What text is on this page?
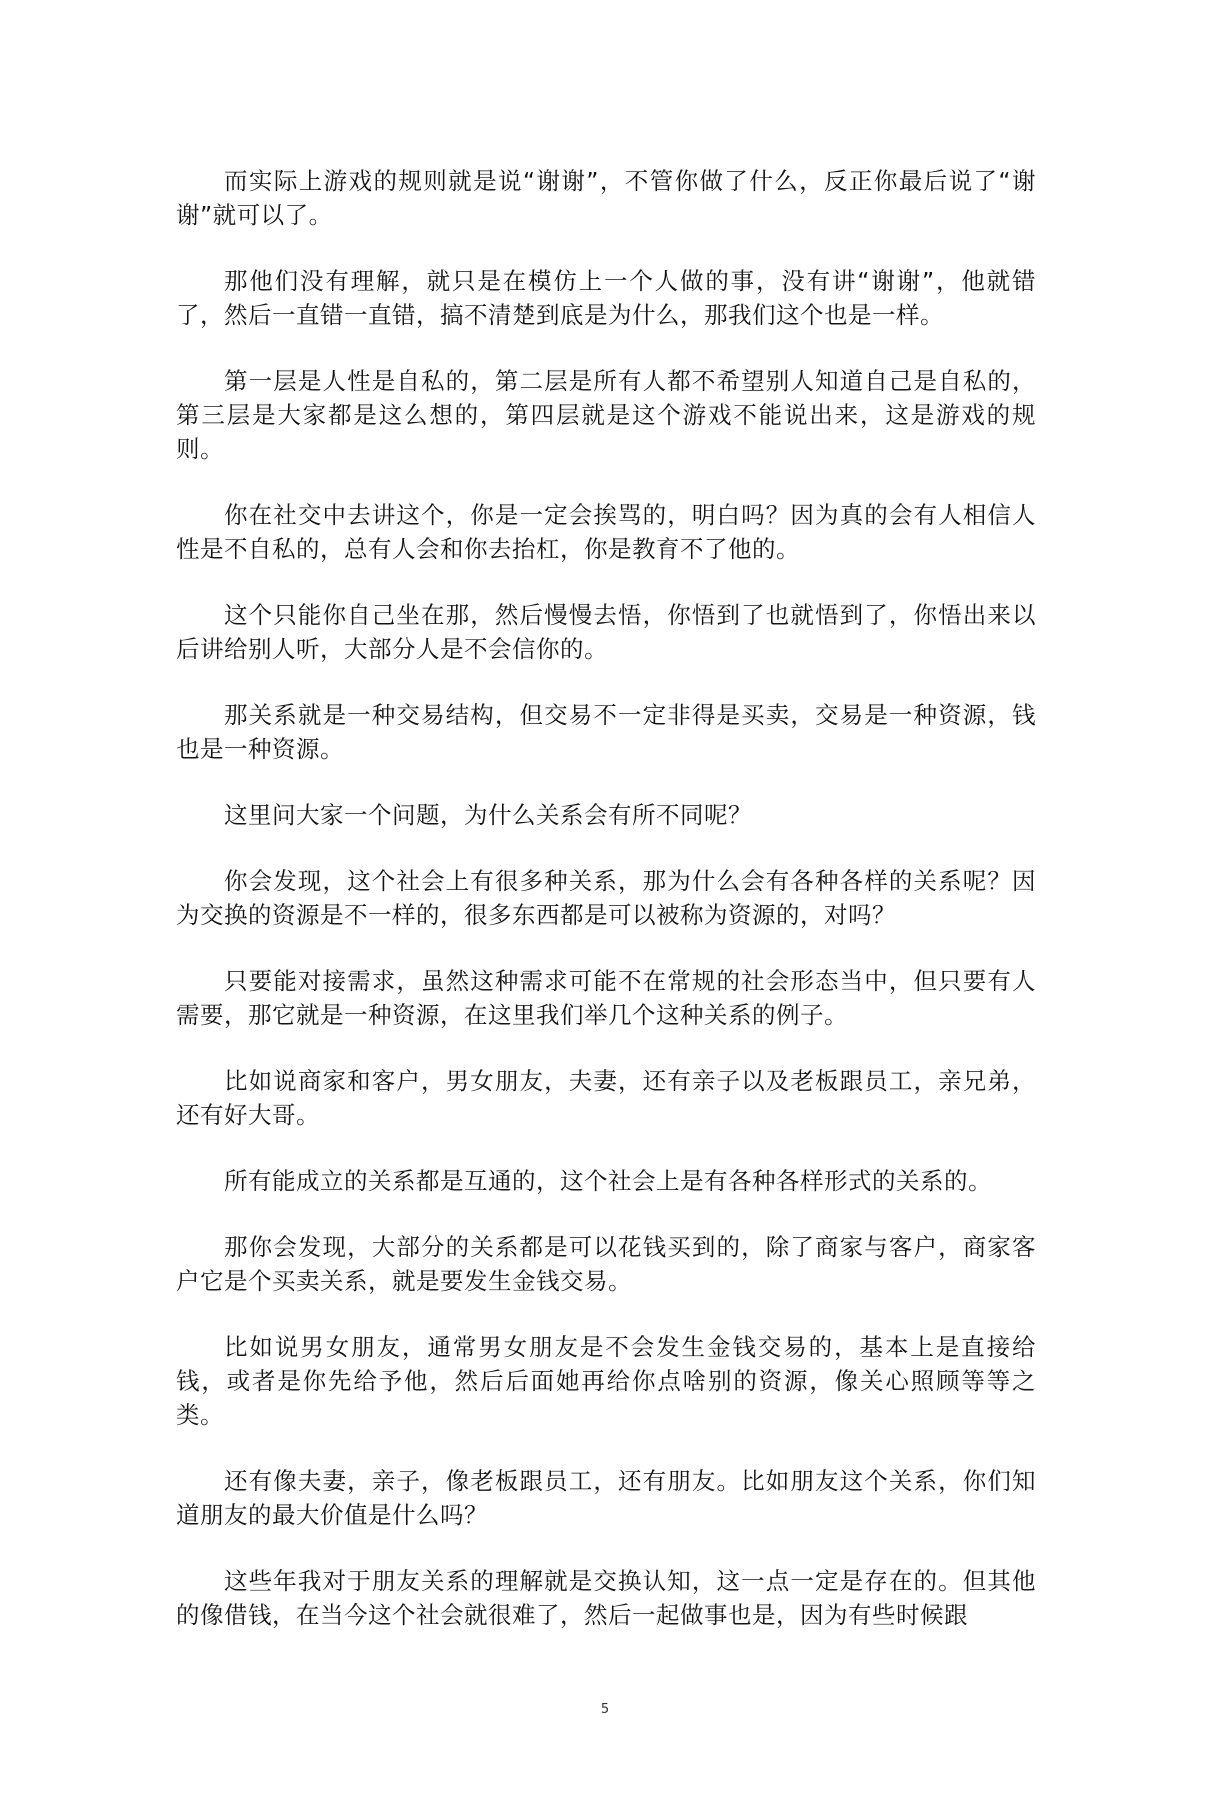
而实际上游戏的规则就是说“谢谢”，不管你做了什么，反正你最后说了“谢谢”就可以了。

那他们没有理解，就只是在模仿上一个人做的事，没有讲“谢谢”，他就错了，然后一直错一直错，搞不清楚到底是为什么，那我们这个也是一样。

第一层是人性是自私的，第二层是所有人都不希望别人知道自己是自私的，第三层是大家都是这么想的，第四层就是这个游戏不能说出来，这是游戏的规则。

你在社交中去讲这个，你是一定会挨骂的，明白吗？因为真的会有人相信人性是不自私的，总有人会和你去抬杠，你是教育不了他的。

这个只能你自己坐在那，然后慢慢去悟，你悟到了也就悟到了，你悟出来以后讲给别人听，大部分人是不会信你的。

那关系就是一种交易结构，但交易不一定非得是买卖，交易是一种资源，钱也是一种资源。

这里问大家一个问题，为什么关系会有所不同呢？

你会发现，这个社会上有很多种关系，那为什么会有各种各样的关系呢？因为交换的资源是不一样的，很多东西都是可以被称为资源的，对吗？

只要能对接需求，虽然这种需求可能不在常规的社会形态当中，但只要有人需要，那它就是一种资源，在这里我们举几个这种关系的例子。

比如说商家和客户，男女朋友，夫妻，还有亲子以及老板跟员工，亲兄弟，还有好大哥。

所有能成立的关系都是互通的，这个社会上是有各种各样形式的关系的。

那你会发现，大部分的关系都是可以花钱买到的，除了商家与客户，商家客户它是个买卖关系，就是要发生金钱交易。

比如说男女朋友，通常男女朋友是不会发生金钱交易的，基本上是直接给钱，或者是你先给予他，然后后面她再给你点啥别的资源，像关心照顾等等之类。

还有像夫妻，亲子，像老板跟员工，还有朋友。比如朋友这个关系，你们知道朋友的最大价值是什么吗？

这些年我对于朋友关系的理解就是交换认知，这一点一定是存在的。但其他的像借钱，在当今这个社会就很难了，然后一起做事也是，因为有些时候跟

5
